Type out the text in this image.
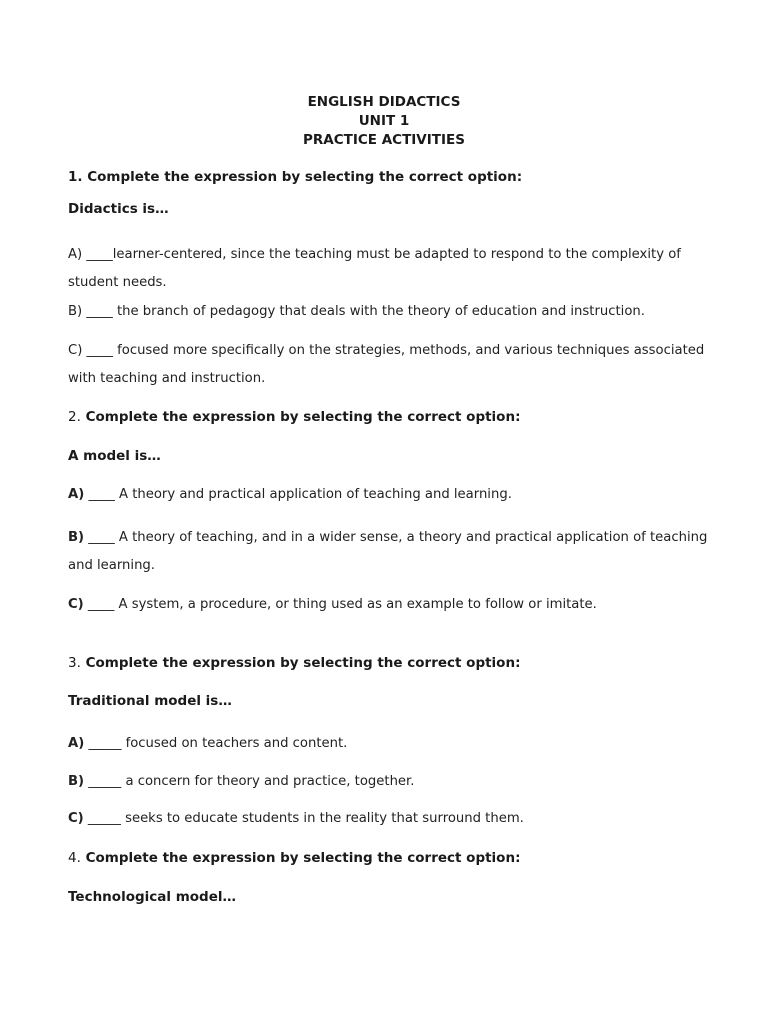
ENGLISH DIDACTICS
UNIT 1
PRACTICE ACTIVITIES
1. Complete the expression by selecting the correct option:
Didactics is…
A) ____learner-centered, since the teaching must be adapted to respond to the complexity of student needs.
B) ____ the branch of pedagogy that deals with the theory of education and instruction.
C) ____ focused more specifically on the strategies, methods, and various techniques associated with teaching and instruction.
2. Complete the expression by selecting the correct option:
A model is…
A) ____ A theory and practical application of teaching and learning.
B) ____ A theory of teaching, and in a wider sense, a theory and practical application of teaching and learning.
C) ____ A system, a procedure, or thing used as an example to follow or imitate.
3. Complete the expression by selecting the correct option:
Traditional model is…
A) _____ focused on teachers and content.
B) _____ a concern for theory and practice, together.
C) _____ seeks to educate students in the reality that surround them.
4. Complete the expression by selecting the correct option:
Technological model…
